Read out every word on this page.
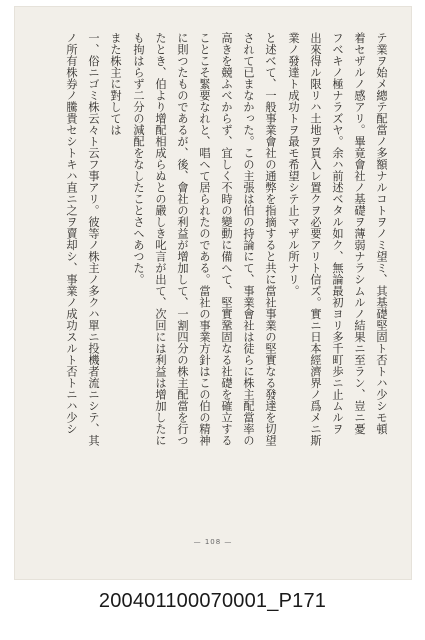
テ業ヲ始メ總テ配當ノ多額ナルコトヲノミ望ミ、其基礎堅固ト否トハ少シモ頓
着セザルノ感アリ。畢竟會社ノ基礎ヲ薄弱ナラシムルノ結果ニ至ラン、豈ニ憂
フベキノ極ナラズヤ。余ハ前述ベタル如ク、無論最初ヨリ多千町歩ニ止ムルヲ
出來得ル限リハ土地ヲ買入レ置クヲ必要アリト信ズ。實ニ日本經濟界ノ爲メニ斯
業ノ發達ト成功トヲ最モ希望シテ止マザル所ナリ。
と述べて、一般事業會社の通弊を指摘すると共に當社事業の堅實なる發達を切望
されて已まなかった。この主張は伯の持論にて、事業會社は徒らに株主配當率の
高きを競ふべからず、宜しく不時の變動に備へて、堅實鞏固なる社礎を確立する
ことこそ緊要なれと、唱へて居られたのである。當社の事業方針はこの伯の精神
に則つたものであるが、後、會社の利益が增加して、一割四分の株主配當を行つ
たとき、伯より增配相成らぬとの嚴しき叱言が出て、次回には利益は增加したに
も拘はらず二分の減配をなしたことさへあつた。
また株主に對しては
一、俗ニゴミ株云々ト云フ事アリ。彼等ノ株主ノ多クハ單ニ投機者流ニシテ、其
ノ所有株券ノ騰貴セシトキハ直ニ之ヲ賣却シ、事業ノ成功スルト否トニハ少シ
— 108 —
200401100070001_P171
